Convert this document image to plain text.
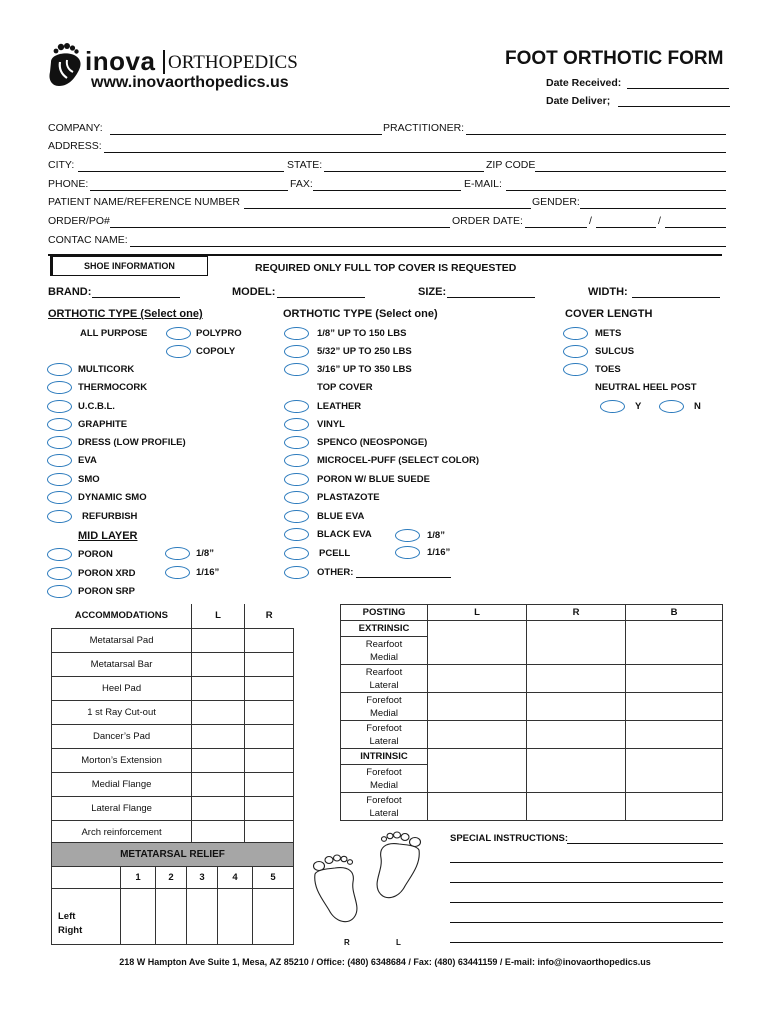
inova ORTHOPEDICS
www.inovaorthopedics.us
FOOT ORTHOTIC FORM
Date Received:
Date Deliver;
COMPANY:	PRACTITIONER:
ADDRESS:
CITY:	STATE:	ZIP CODE
PHONE:	FAX:	E-MAIL:
PATIENT NAME/REFERENCE NUMBER	GENDER:
ORDER/PO#	ORDER DATE:	/	/
CONTAC NAME:
SHOE INFORMATION	REQUIRED ONLY FULL TOP COVER IS REQUESTED
BRAND:	MODEL:	SIZE:	WIDTH:
ORTHOTIC TYPE (Select one)
ALL PURPOSE	POLYPRO
COPOLY
MULTICORK
THERMOCORK
U.C.B.L.
GRAPHITE
DRESS (LOW PROFILE)
EVA
SMO
DYNAMIC SMO
REFURBISH
MID LAYER
PORON
PORON XRD
PORON SRP
1/8”
1/16”
ORTHOTIC TYPE (Select one)
1/8” UP TO 150 LBS
5/32” UP TO 250 LBS
3/16” UP TO 350 LBS
TOP COVER
LEATHER
VINYL
SPENCO (NEOSPONGE)
MICROCEL-PUFF (SELECT COLOR)
PORON W/ BLUE SUEDE
PLASTAZOTE
BLUE EVA
BLACK EVA
PCELL
OTHER:
1/8”
1/16”
COVER LENGTH
METS
SULCUS
TOES
NEUTRAL HEEL POST
Y	N
ACCOMMODATIONS	L	R
Metatarsal Pad		
Metatarsal Bar		
Heel Pad		
1 st Ray Cut-out		
Dancer’s Pad		
Morton’s Extension		
Medial Flange		
Lateral Flange		
Arch reinforcement		
METATARSAL RELIEF					
	1	2	3	4	5

Left
Right					

POSTING	L	R	B
EXTRINSIC			
Rearfoot
Medial			
Rearfoot
Lateral			
Forefoot
Medial			
Forefoot
Lateral			
INTRINSIC			
Forefoot
Medial			
Forefoot
Lateral			
R	L
SPECIAL INSTRUCTIONS:
218 W Hampton Ave Suite 1, Mesa, AZ 85210 / Office: (480) 6348684 / Fax: (480) 63441159 / E-mail: info@inovaorthopedics.us
